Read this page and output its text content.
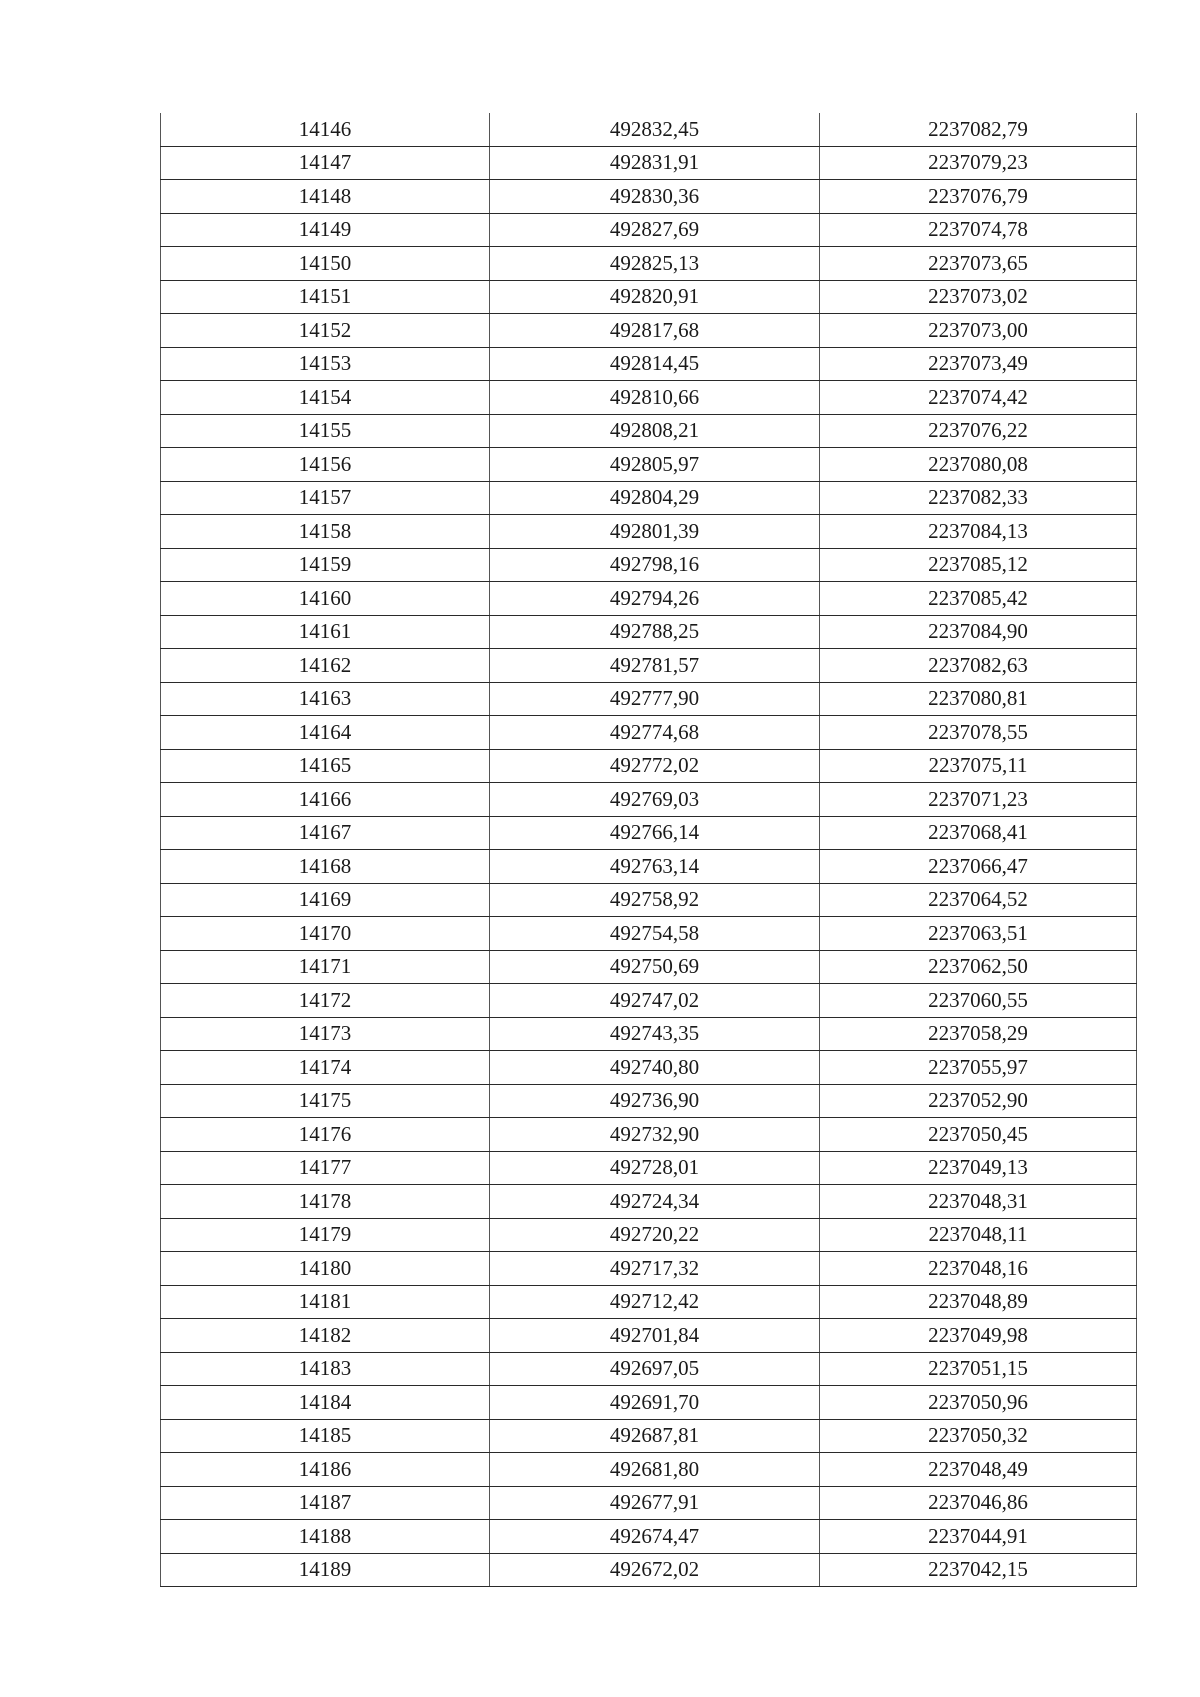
14146	492832,45	2237082,79
14147	492831,91	2237079,23
14148	492830,36	2237076,79
14149	492827,69	2237074,78
14150	492825,13	2237073,65
14151	492820,91	2237073,02
14152	492817,68	2237073,00
14153	492814,45	2237073,49
14154	492810,66	2237074,42
14155	492808,21	2237076,22
14156	492805,97	2237080,08
14157	492804,29	2237082,33
14158	492801,39	2237084,13
14159	492798,16	2237085,12
14160	492794,26	2237085,42
14161	492788,25	2237084,90
14162	492781,57	2237082,63
14163	492777,90	2237080,81
14164	492774,68	2237078,55
14165	492772,02	2237075,11
14166	492769,03	2237071,23
14167	492766,14	2237068,41
14168	492763,14	2237066,47
14169	492758,92	2237064,52
14170	492754,58	2237063,51
14171	492750,69	2237062,50
14172	492747,02	2237060,55
14173	492743,35	2237058,29
14174	492740,80	2237055,97
14175	492736,90	2237052,90
14176	492732,90	2237050,45
14177	492728,01	2237049,13
14178	492724,34	2237048,31
14179	492720,22	2237048,11
14180	492717,32	2237048,16
14181	492712,42	2237048,89
14182	492701,84	2237049,98
14183	492697,05	2237051,15
14184	492691,70	2237050,96
14185	492687,81	2237050,32
14186	492681,80	2237048,49
14187	492677,91	2237046,86
14188	492674,47	2237044,91
14189	492672,02	2237042,15
